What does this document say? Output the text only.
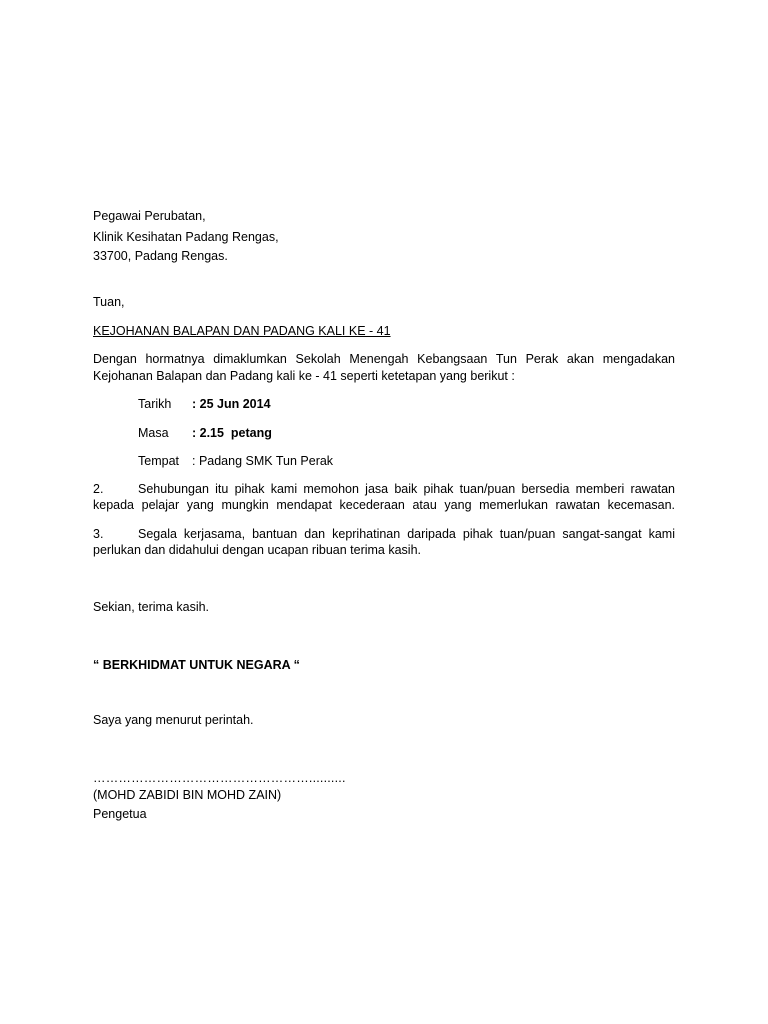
Pegawai Perubatan,
Klinik Kesihatan Padang Rengas,
33700, Padang Rengas.
Tuan,
KEJOHANAN BALAPAN DAN PADANG KALI KE - 41
Dengan hormatnya dimaklumkan Sekolah Menengah Kebangsaan Tun Perak akan mengadakan
Kejohanan Balapan dan Padang kali ke - 41 seperti ketetapan yang berikut :
Tarikh : 25 Jun 2014
Masa : 2.15  petang
Tempat : Padang SMK Tun Perak
2.	Sehubungan itu pihak kami memohon jasa baik pihak tuan/puan bersedia memberi rawatan
kepada pelajar yang mungkin mendapat kecederaan atau yang memerlukan rawatan kecemasan.
3.	Segala kerjasama, bantuan dan keprihatinan daripada pihak tuan/puan sangat-sangat kami
perlukan dan didahului dengan ucapan ribuan terima kasih.
Sekian, terima kasih.
“ BERKHIDMAT UNTUK NEGARA “
Saya yang menurut perintah.
……………………………………………..........
(MOHD ZABIDI BIN MOHD ZAIN)
Pengetua
